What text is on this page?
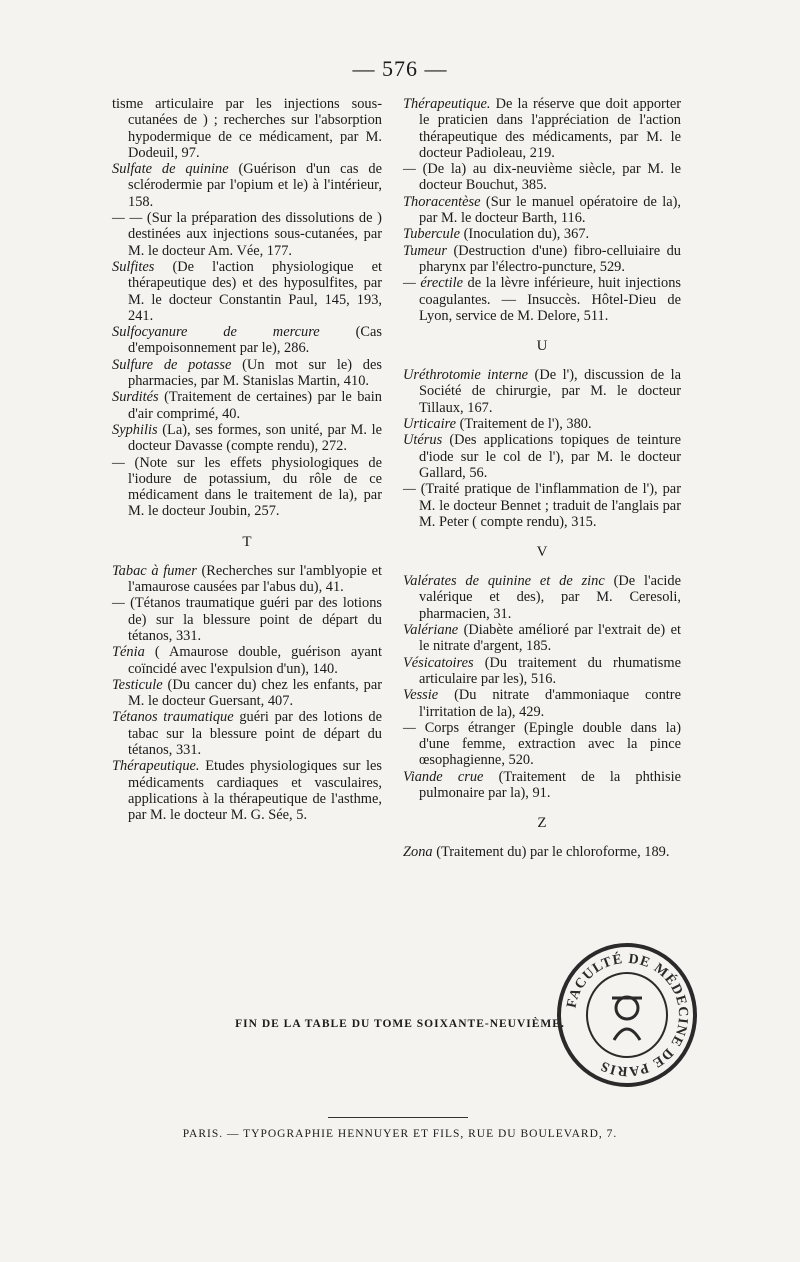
— 576 —
tisme articulaire par les injections sous-cutanées de ) ; recherches sur l'absorption hypodermique de ce médicament, par M. Dodeuil, 97.
Sulfate de quinine (Guérison d'un cas de sclérodermie par l'opium et le) à l'intérieur, 158.
— — (Sur la préparation des dissolutions de ) destinées aux injections sous-cutanées, par M. le docteur Am. Vée, 177.
Sulfites (De l'action physiologique et thérapeutique des) et des hyposulfites, par M. le docteur Constantin Paul, 145, 193, 241.
Sulfocyanure de mercure (Cas d'empoisonnement par le), 286.
Sulfure de potasse (Un mot sur le) des pharmacies, par M. Stanislas Martin, 410.
Surdités (Traitement de certaines) par le bain d'air comprimé, 40.
Syphilis (La), ses formes, son unité, par M. le docteur Davasse (compte rendu), 272.
— (Note sur les effets physiologiques de l'iodure de potassium, du rôle de ce médicament dans le traitement de la), par M. le docteur Joubin, 257.
T
Tabac à fumer (Recherches sur l'amblyopie et l'amaurose causées par l'abus du), 41.
— (Tétanos traumatique guéri par des lotions de) sur la blessure point de départ du tétanos, 331.
Ténia ( Amaurose double, guérison ayant coïncidé avec l'expulsion d'un), 140.
Testicule (Du cancer du) chez les enfants, par M. le docteur Guersant, 407.
Tétanos traumatique guéri par des lotions de tabac sur la blessure point de départ du tétanos, 331.
Thérapeutique. Etudes physiologiques sur les médicaments cardiaques et vasculaires, applications à la thérapeutique de l'asthme, par M. le docteur M. G. Sée, 5.
Thérapeutique. De la réserve que doit apporter le praticien dans l'appréciation de l'action thérapeutique des médicaments, par M. le docteur Padioleau, 219.
— (De la) au dix-neuvième siècle, par M. le docteur Bouchut, 385.
Thoracentèse (Sur le manuel opératoire de la), par M. le docteur Barth, 116.
Tubercule (Inoculation du), 367.
Tumeur (Destruction d'une) fibro-celluiaire du pharynx par l'électro-puncture, 529.
— érectile de la lèvre inférieure, huit injections coagulantes. — Insuccès. Hôtel-Dieu de Lyon, service de M. Delore, 511.
U
Uréthrotomie interne (De l'), discussion de la Société de chirurgie, par M. le docteur Tillaux, 167.
Urticaire (Traitement de l'), 380.
Utérus (Des applications topiques de teinture d'iode sur le col de l'), par M. le docteur Gallard, 56.
— (Traité pratique de l'inflammation de l'), par M. le docteur Bennet ; traduit de l'anglais par M. Peter ( compte rendu), 315.
V
Valérates de quinine et de zinc (De l'acide valérique et des), par M. Ceresoli, pharmacien, 31.
Valériane (Diabète amélioré par l'extrait de) et le nitrate d'argent, 185.
Vésicatoires (Du traitement du rhumatisme articulaire par les), 516.
Vessie (Du nitrate d'ammoniaque contre l'irritation de la), 429.
— Corps étranger (Epingle double dans la) d'une femme, extraction avec la pince œsophagienne, 520.
Viande crue (Traitement de la phthisie pulmonaire par la), 91.
Z
Zona (Traitement du) par le chloroforme, 189.
FIN DE LA TABLE DU TOME SOIXANTE-NEUVIÈME.
PARIS. — TYPOGRAPHIE HENNUYER ET FILS, RUE DU BOULEVARD, 7.
FACULTÉ DE MÉDECINE DE PARIS
